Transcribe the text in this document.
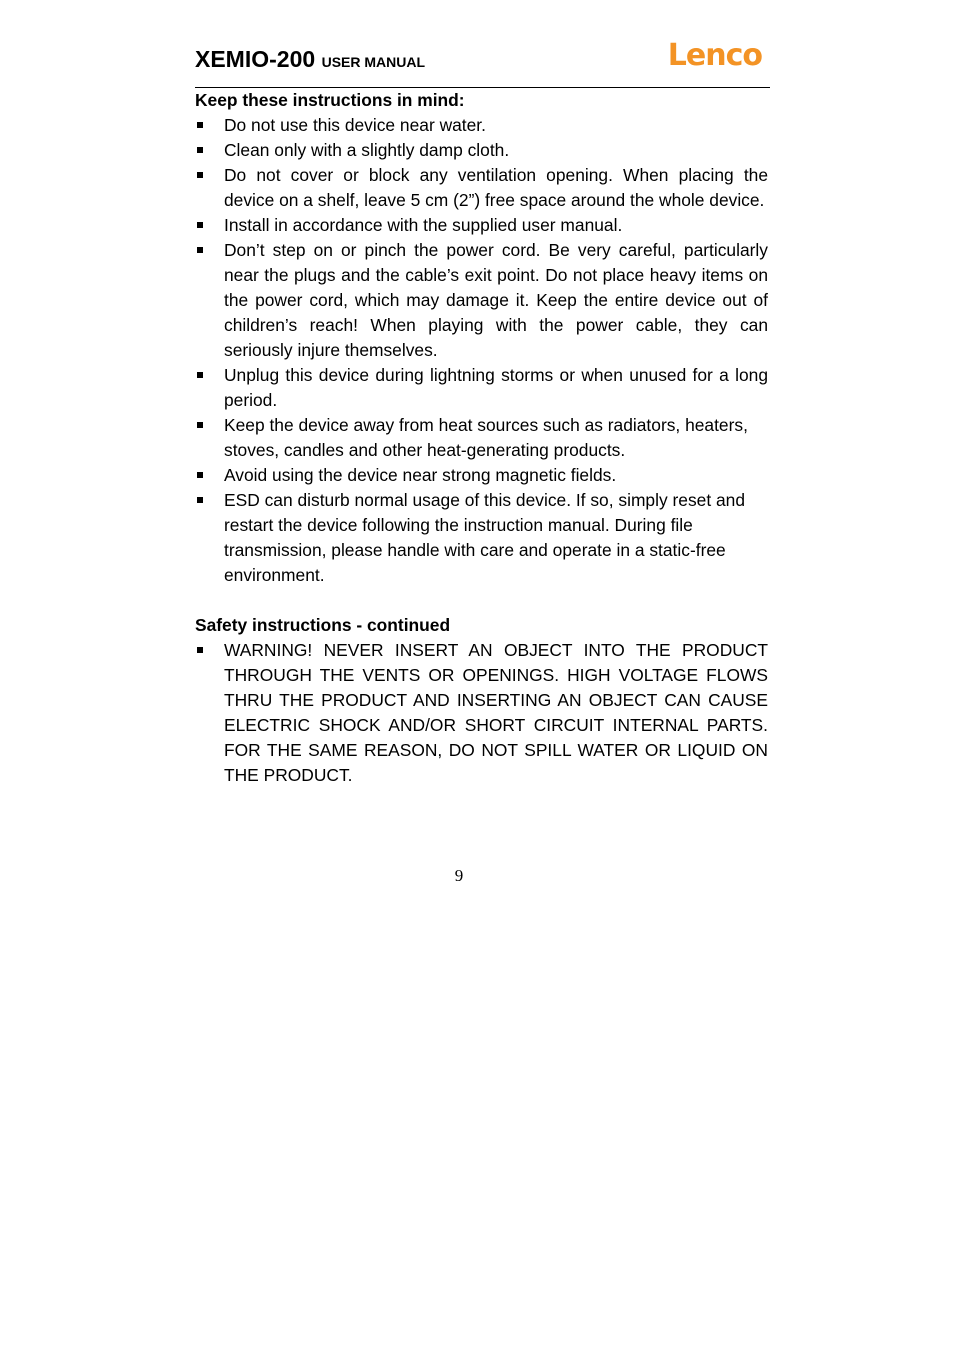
XEMIO-200 USER MANUAL	Lenco

Keep these instructions in mind:

Do not use this device near water.
Clean only with a slightly damp cloth.
Do not cover or block any ventilation opening. When placing the device on a shelf, leave 5 cm (2”) free space around the whole device.
Install in accordance with the supplied user manual.
Don’t step on or pinch the power cord. Be very careful, particularly near the plugs and the cable’s exit point. Do not place heavy items on the power cord, which may damage it. Keep the entire device out of children’s reach! When playing with the power cable, they can seriously injure themselves.
Unplug this device during lightning storms or when unused for a long period.
Keep the device away from heat sources such as radiators, heaters, stoves, candles and other heat-generating products.
Avoid using the device near strong magnetic fields.
ESD can disturb normal usage of this device. If so, simply reset and restart the device following the instruction manual. During file transmission, please handle with care and operate in a static-free environment.

Safety instructions - continued

WARNING! NEVER INSERT AN OBJECT INTO THE PRODUCT THROUGH THE VENTS OR OPENINGS. HIGH VOLTAGE FLOWS THRU THE PRODUCT AND INSERTING AN OBJECT CAN CAUSE ELECTRIC SHOCK AND/OR SHORT CIRCUIT INTERNAL PARTS. FOR THE SAME REASON, DO NOT SPILL WATER OR LIQUID ON THE PRODUCT.
9
